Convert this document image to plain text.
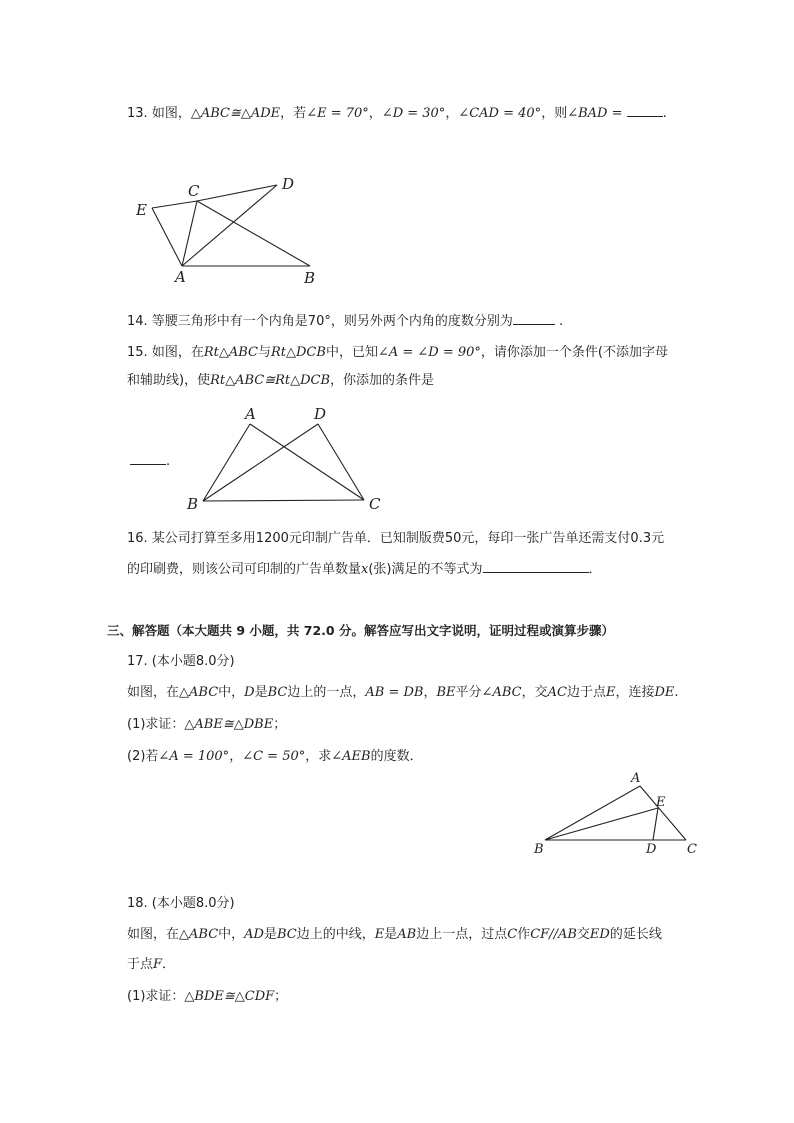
13. 如图，△ABC≅△ADE，若∠E = 70°，∠D = 30°，∠CAD = 40°，则∠BAD =	.
E
C	D
A	B
14. 等腰三角形中有一个内角是70°，则另外两个内角的度数分别为	.
15. 如图，在Rt△ABC与Rt△DCB中，已知∠A = ∠D = 90°，请你添加一个条件(不添加字母
和辅助线)，使Rt△ABC≅Rt△DCB，你添加的条件是
.
A	D
B	C
16. 某公司打算至多用1200元印制广告单．已知制版费50元，每印一张广告单还需支付0.3元
的印刷费，则该公司可印制的广告单数量x(张)满足的不等式为	．
三、解答题（本大题共 9 小题，共 72.0 分。解答应写出文字说明，证明过程或演算步骤）
17. (本小题8.0分)
如图，在△ABC中，D是BC边上的一点，AB = DB，BE平分∠ABC，交AC边于点E，连接DE.
(1)求证：△ABE≅△DBE；
(2)若∠A = 100°，∠C = 50°，求∠AEB的度数．
A
E
B	D C
18. (本小题8.0分)
如图，在△ABC中，AD是BC边上的中线，E是AB边上一点，过点C作CF//AB交ED的延长线
于点F．
(1)求证：△BDE≅△CDF；
